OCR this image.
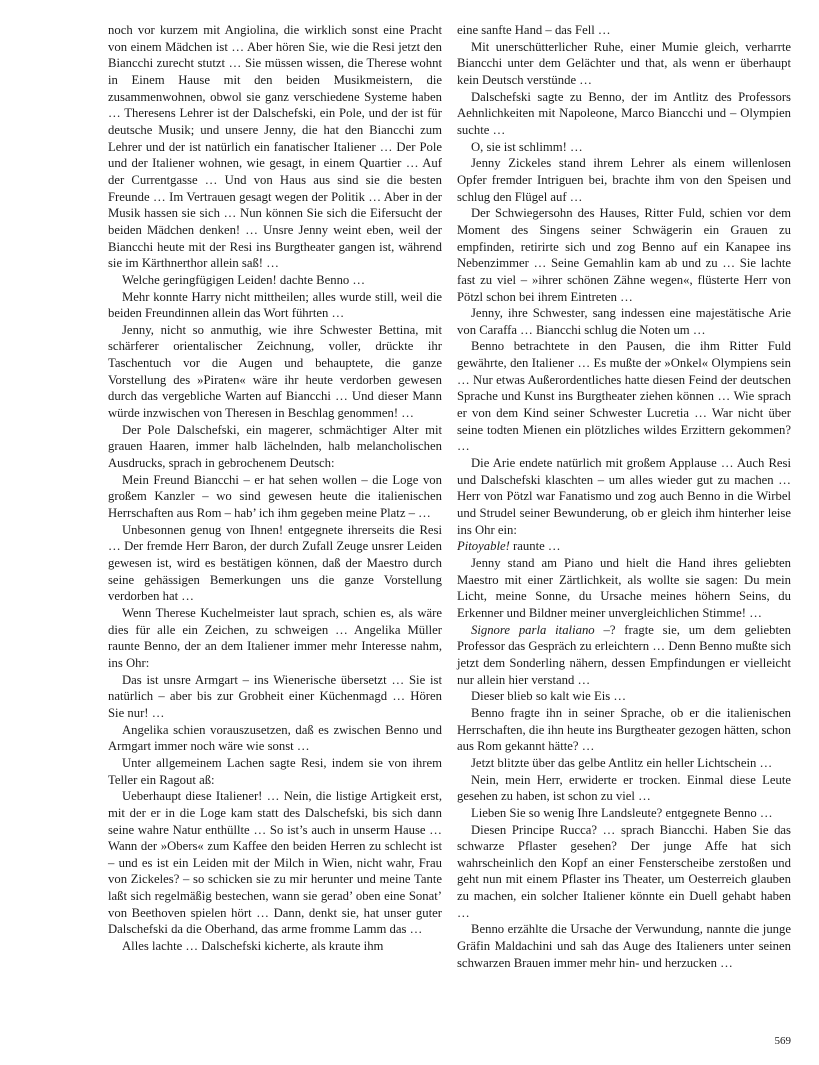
noch vor kurzem mit Angiolina, die wirklich sonst eine Pracht von einem Mädchen ist … Aber hören Sie, wie die Resi jetzt den Biancchi zurecht stutzt … Sie müssen wissen, die Therese wohnt in Einem Hause mit den beiden Musikmeistern, die zusammenwohnen, obwol sie ganz verschiedene Systeme haben … Theresens Lehrer ist der Dalschefski, ein Pole, und der ist für deutsche Musik; und unsere Jenny, die hat den Biancchi zum Lehrer und der ist natürlich ein fanatischer Italiener … Der Pole und der Italiener wohnen, wie gesagt, in einem Quartier … Auf der Currentgasse … Und von Haus aus sind sie die besten Freunde … Im Vertrauen gesagt wegen der Politik … Aber in der Musik hassen sie sich … Nun können Sie sich die Eifersucht der beiden Mädchen denken! … Unsre Jenny weint eben, weil der Biancchi heute mit der Resi ins Burgtheater gangen ist, während sie im Kärthnerthor allein saß! …

Welche geringfügigen Leiden! dachte Benno …

Mehr konnte Harry nicht mittheilen; alles wurde still, weil die beiden Freundinnen allein das Wort führten …

Jenny, nicht so anmuthig, wie ihre Schwester Bettina, mit schärferer orientalischer Zeichnung, voller, drückte ihr Taschentuch vor die Augen und behauptete, die ganze Vorstellung des »Piraten« wäre ihr heute verdorben gewesen durch das vergebliche Warten auf Biancchi … Und dieser Mann würde inzwischen von Theresen in Beschlag genommen! …

Der Pole Dalschefski, ein magerer, schmächtiger Alter mit grauen Haaren, immer halb lächelnden, halb melancholischen Ausdrucks, sprach in gebrochenem Deutsch:

Mein Freund Biancchi – er hat sehen wollen – die Loge von großem Kanzler – wo sind gewesen heute die italienischen Herrschaften aus Rom – hab’ ich ihm gegeben meine Platz – …

Unbesonnen genug von Ihnen! entgegnete ihrerseits die Resi … Der fremde Herr Baron, der durch Zufall Zeuge unsrer Leiden gewesen ist, wird es bestätigen können, daß der Maestro durch seine gehässigen Bemerkungen uns die ganze Vorstellung verdorben hat …

Wenn Therese Kuchelmeister laut sprach, schien es, als wäre dies für alle ein Zeichen, zu schweigen … Angelika Müller raunte Benno, der an dem Italiener immer mehr Interesse nahm, ins Ohr:

Das ist unsre Armgart – ins Wienerische übersetzt … Sie ist natürlich – aber bis zur Grobheit einer Küchenmagd … Hören Sie nur! …

Angelika schien vorauszusetzen, daß es zwischen Benno und Armgart immer noch wäre wie sonst …

Unter allgemeinem Lachen sagte Resi, indem sie von ihrem Teller ein Ragout aß:

Ueberhaupt diese Italiener! … Nein, die listige Artigkeit erst, mit der er in die Loge kam statt des Dalschefski, bis sich dann seine wahre Natur enthüllte … So ist’s auch in unserm Hause … Wann der »Obers« zum Kaffee den beiden Herren zu schlecht ist – und es ist ein Leiden mit der Milch in Wien, nicht wahr, Frau von Zickeles? – so schicken sie zu mir herunter und meine Tante laßt sich regelmäßig bestechen, wann sie gerad’ oben eine Sonat’ von Beethoven spielen hört … Dann, denkt sie, hat unser guter Dalschefski da die Oberhand, das arme fromme Lamm das …

Alles lachte … Dalschefski kicherte, als kraute ihm

eine sanfte Hand – das Fell …

Mit unerschütterlicher Ruhe, einer Mumie gleich, verharrte Biancchi unter dem Gelächter und that, als wenn er überhaupt kein Deutsch verstünde …

Dalschefski sagte zu Benno, der im Antlitz des Professors Aehnlichkeiten mit Napoleone, Marco Biancchi und – Olympien suchte …

O, sie ist schlimm! …

Jenny Zickeles stand ihrem Lehrer als einem willenlosen Opfer fremder Intriguen bei, brachte ihm von den Speisen und schlug den Flügel auf …

Der Schwiegersohn des Hauses, Ritter Fuld, schien vor dem Moment des Singens seiner Schwägerin ein Grauen zu empfinden, retirirte sich und zog Benno auf ein Kanapee ins Nebenzimmer … Seine Gemahlin kam ab und zu … Sie lachte fast zu viel – »ihrer schönen Zähne wegen«, flüsterte Herr von Pötzl schon bei ihrem Eintreten …

Jenny, ihre Schwester, sang indessen eine majestätische Arie von Caraffa … Biancchi schlug die Noten um …

Benno betrachtete in den Pausen, die ihm Ritter Fuld gewährte, den Italiener … Es mußte der »Onkel« Olympiens sein … Nur etwas Außerordentliches hatte diesen Feind der deutschen Sprache und Kunst ins Burgtheater ziehen können … Wie sprach er von dem Kind seiner Schwester Lucretia … War nicht über seine todten Mienen ein plötzliches wildes Erzittern gekommen? …

Die Arie endete natürlich mit großem Applause … Auch Resi und Dalschefski klaschten – um alles wieder gut zu machen … Herr von Pötzl war Fanatismo und zog auch Benno in die Wirbel und Strudel seiner Bewunderung, ob er gleich ihm hinterher leise ins Ohr ein:

Pitoyable! raunte …

Jenny stand am Piano und hielt die Hand ihres geliebten Maestro mit einer Zärtlichkeit, als wollte sie sagen: Du mein Licht, meine Sonne, du Ursache meines höhern Seins, du Erkenner und Bildner meiner unvergleichlichen Stimme! …

Signore parla italiano –? fragte sie, um dem geliebten Professor das Gespräch zu erleichtern … Denn Benno mußte sich jetzt dem Sonderling nähern, dessen Empfindungen er vielleicht nur allein hier verstand …

Dieser blieb so kalt wie Eis …

Benno fragte ihn in seiner Sprache, ob er die italienischen Herrschaften, die ihn heute ins Burgtheater gezogen hätten, schon aus Rom gekannt hätte? …

Jetzt blitzte über das gelbe Antlitz ein heller Lichtschein …

Nein, mein Herr, erwiderte er trocken. Einmal diese Leute gesehen zu haben, ist schon zu viel …

Lieben Sie so wenig Ihre Landsleute? entgegnete Benno …

Diesen Principe Rucca? … sprach Biancchi. Haben Sie das schwarze Pflaster gesehen? Der junge Affe hat sich wahrscheinlich den Kopf an einer Fensterscheibe zerstoßen und geht nun mit einem Pflaster ins Theater, um Oesterreich glauben zu machen, ein solcher Italiener könnte ein Duell gehabt haben …

Benno erzählte die Ursache der Verwundung, nannte die junge Gräfin Maldachini und sah das Auge des Italieners unter seinen schwarzen Brauen immer mehr hin- und herzucken …

569
